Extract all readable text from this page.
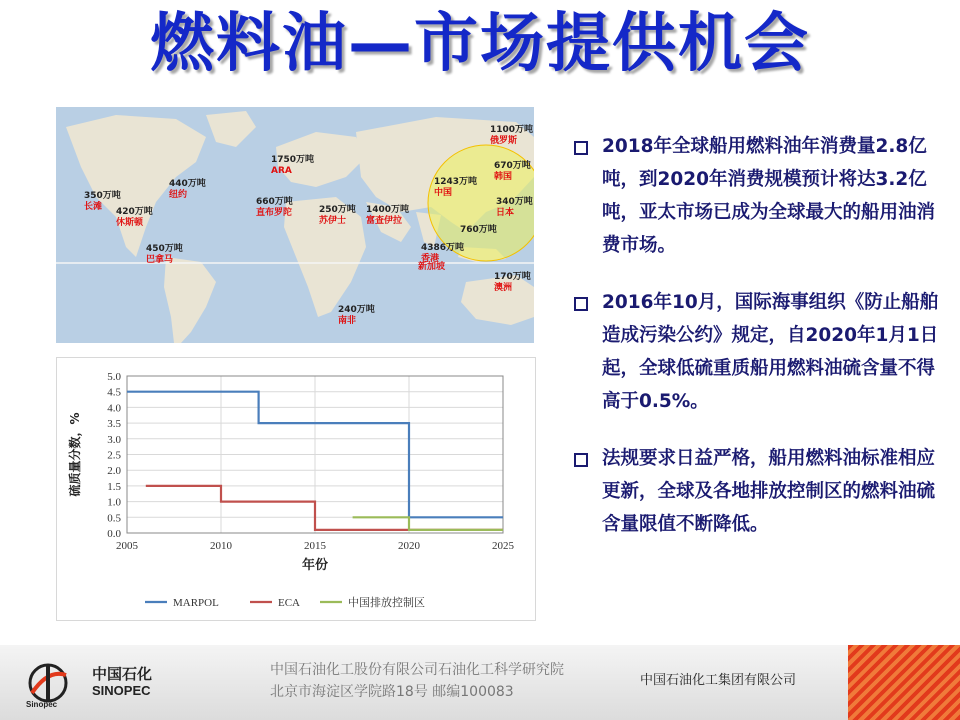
燃料油—市场提供机会
1100万吨
俄罗斯
1750万吨
ARA	670万吨
韩国
1243万吨
中国
440万吨
纽约
350万吨
长滩	660万吨
直布罗陀
420万吨
休斯顿
250万吨
苏伊士
1400万吨
富查伊拉
340万吨
日本
760万吨
4386万吨
香港
新加坡
450万吨
巴拿马
170万吨
澳洲
240万吨
南非
0.0
0.5
1.0
1.5
2.0
2.5
3.0
3.5
4.0
4.5
5.0
2005	2010	2015	2020	2025
年份
硫质量分数，%
MARPOL	ECA	中国排放控制区
2018年全球船用燃料油年消费量2.8亿吨，到2020年消费规模预计将达3.2亿吨，亚太市场已成为全球最大的船用油消费市场。
2016年10月，国际海事组织《防止船舶造成污染公约》规定，自2020年1月1日起，全球低硫重质船用燃料油硫含量不得高于0.5%。
法规要求日益严格，船用燃料油标准相应更新，全球及各地排放控制区的燃料油硫含量限值不断降低。
Sinopec
中国石化
SINOPEC
中国石油化工股份有限公司石油化工科学研究院
北京市海淀区学院路18号 邮编100083
中国石油化工集团有限公司
